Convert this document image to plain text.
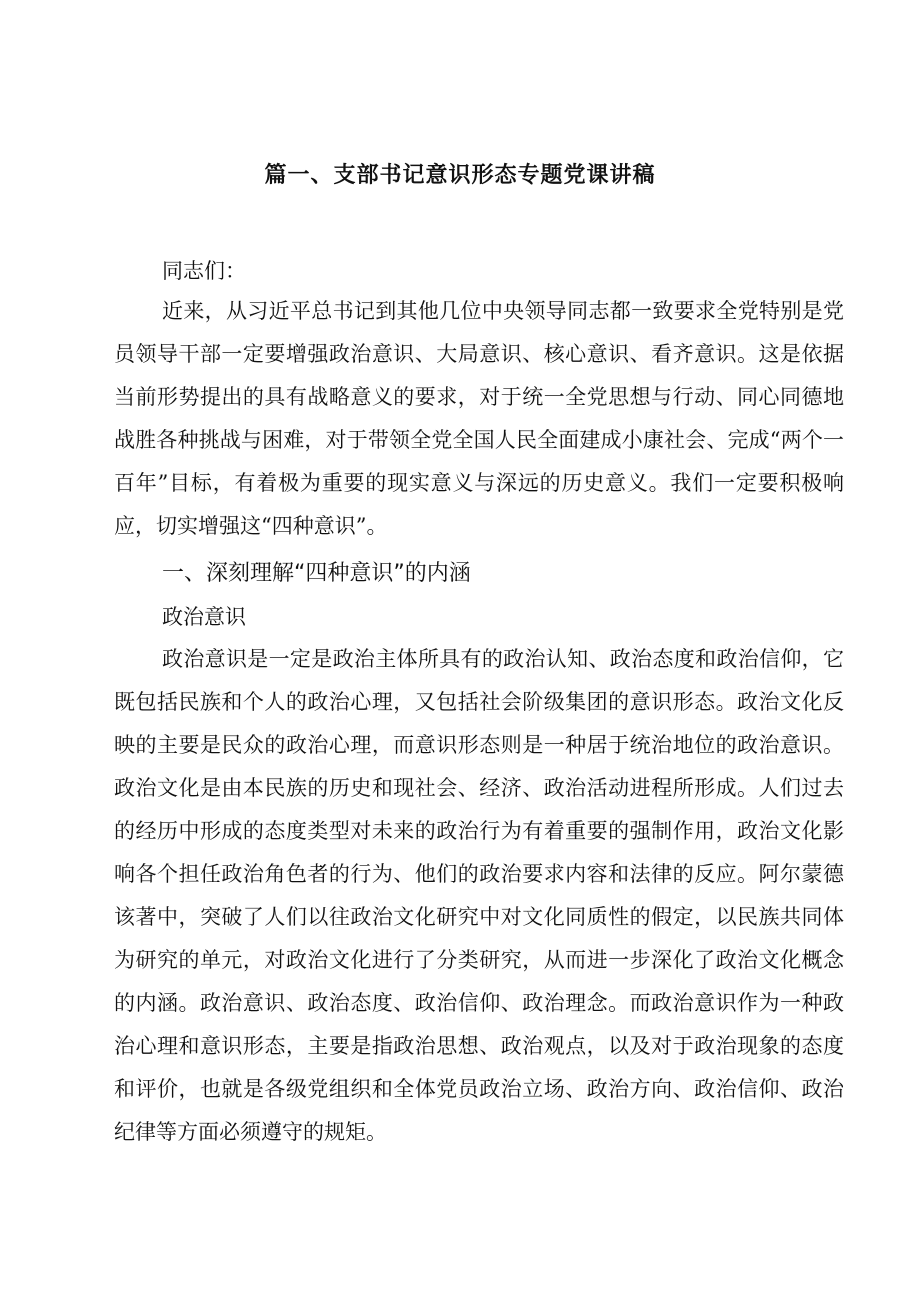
篇一、支部书记意识形态专题党课讲稿
同志们：
近来，从习近平总书记到其他几位中央领导同志都一致要求全党特别是党员领导干部一定要增强政治意识、大局意识、核心意识、看齐意识。这是依据当前形势提出的具有战略意义的要求，对于统一全党思想与行动、同心同德地战胜各种挑战与困难，对于带领全党全国人民全面建成小康社会、完成“两个一百年”目标，有着极为重要的现实意义与深远的历史意义。我们一定要积极响应，切实增强这“四种意识”。
一、深刻理解“四种意识”的内涵
政治意识
政治意识是一定是政治主体所具有的政治认知、政治态度和政治信仰，它既包括民族和个人的政治心理，又包括社会阶级集团的意识形态。政治文化反映的主要是民众的政治心理，而意识形态则是一种居于统治地位的政治意识。政治文化是由本民族的历史和现社会、经济、政治活动进程所形成。人们过去的经历中形成的态度类型对未来的政治行为有着重要的强制作用，政治文化影响各个担任政治角色者的行为、他们的政治要求内容和法律的反应。阿尔蒙德该著中，突破了人们以往政治文化研究中对文化同质性的假定，以民族共同体为研究的单元，对政治文化进行了分类研究，从而进一步深化了政治文化概念的内涵。政治意识、政治态度、政治信仰、政治理念。而政治意识作为一种政治心理和意识形态，主要是指政治思想、政治观点，以及对于政治现象的态度和评价，也就是各级党组织和全体党员政治立场、政治方向、政治信仰、政治纪律等方面必须遵守的规矩。
